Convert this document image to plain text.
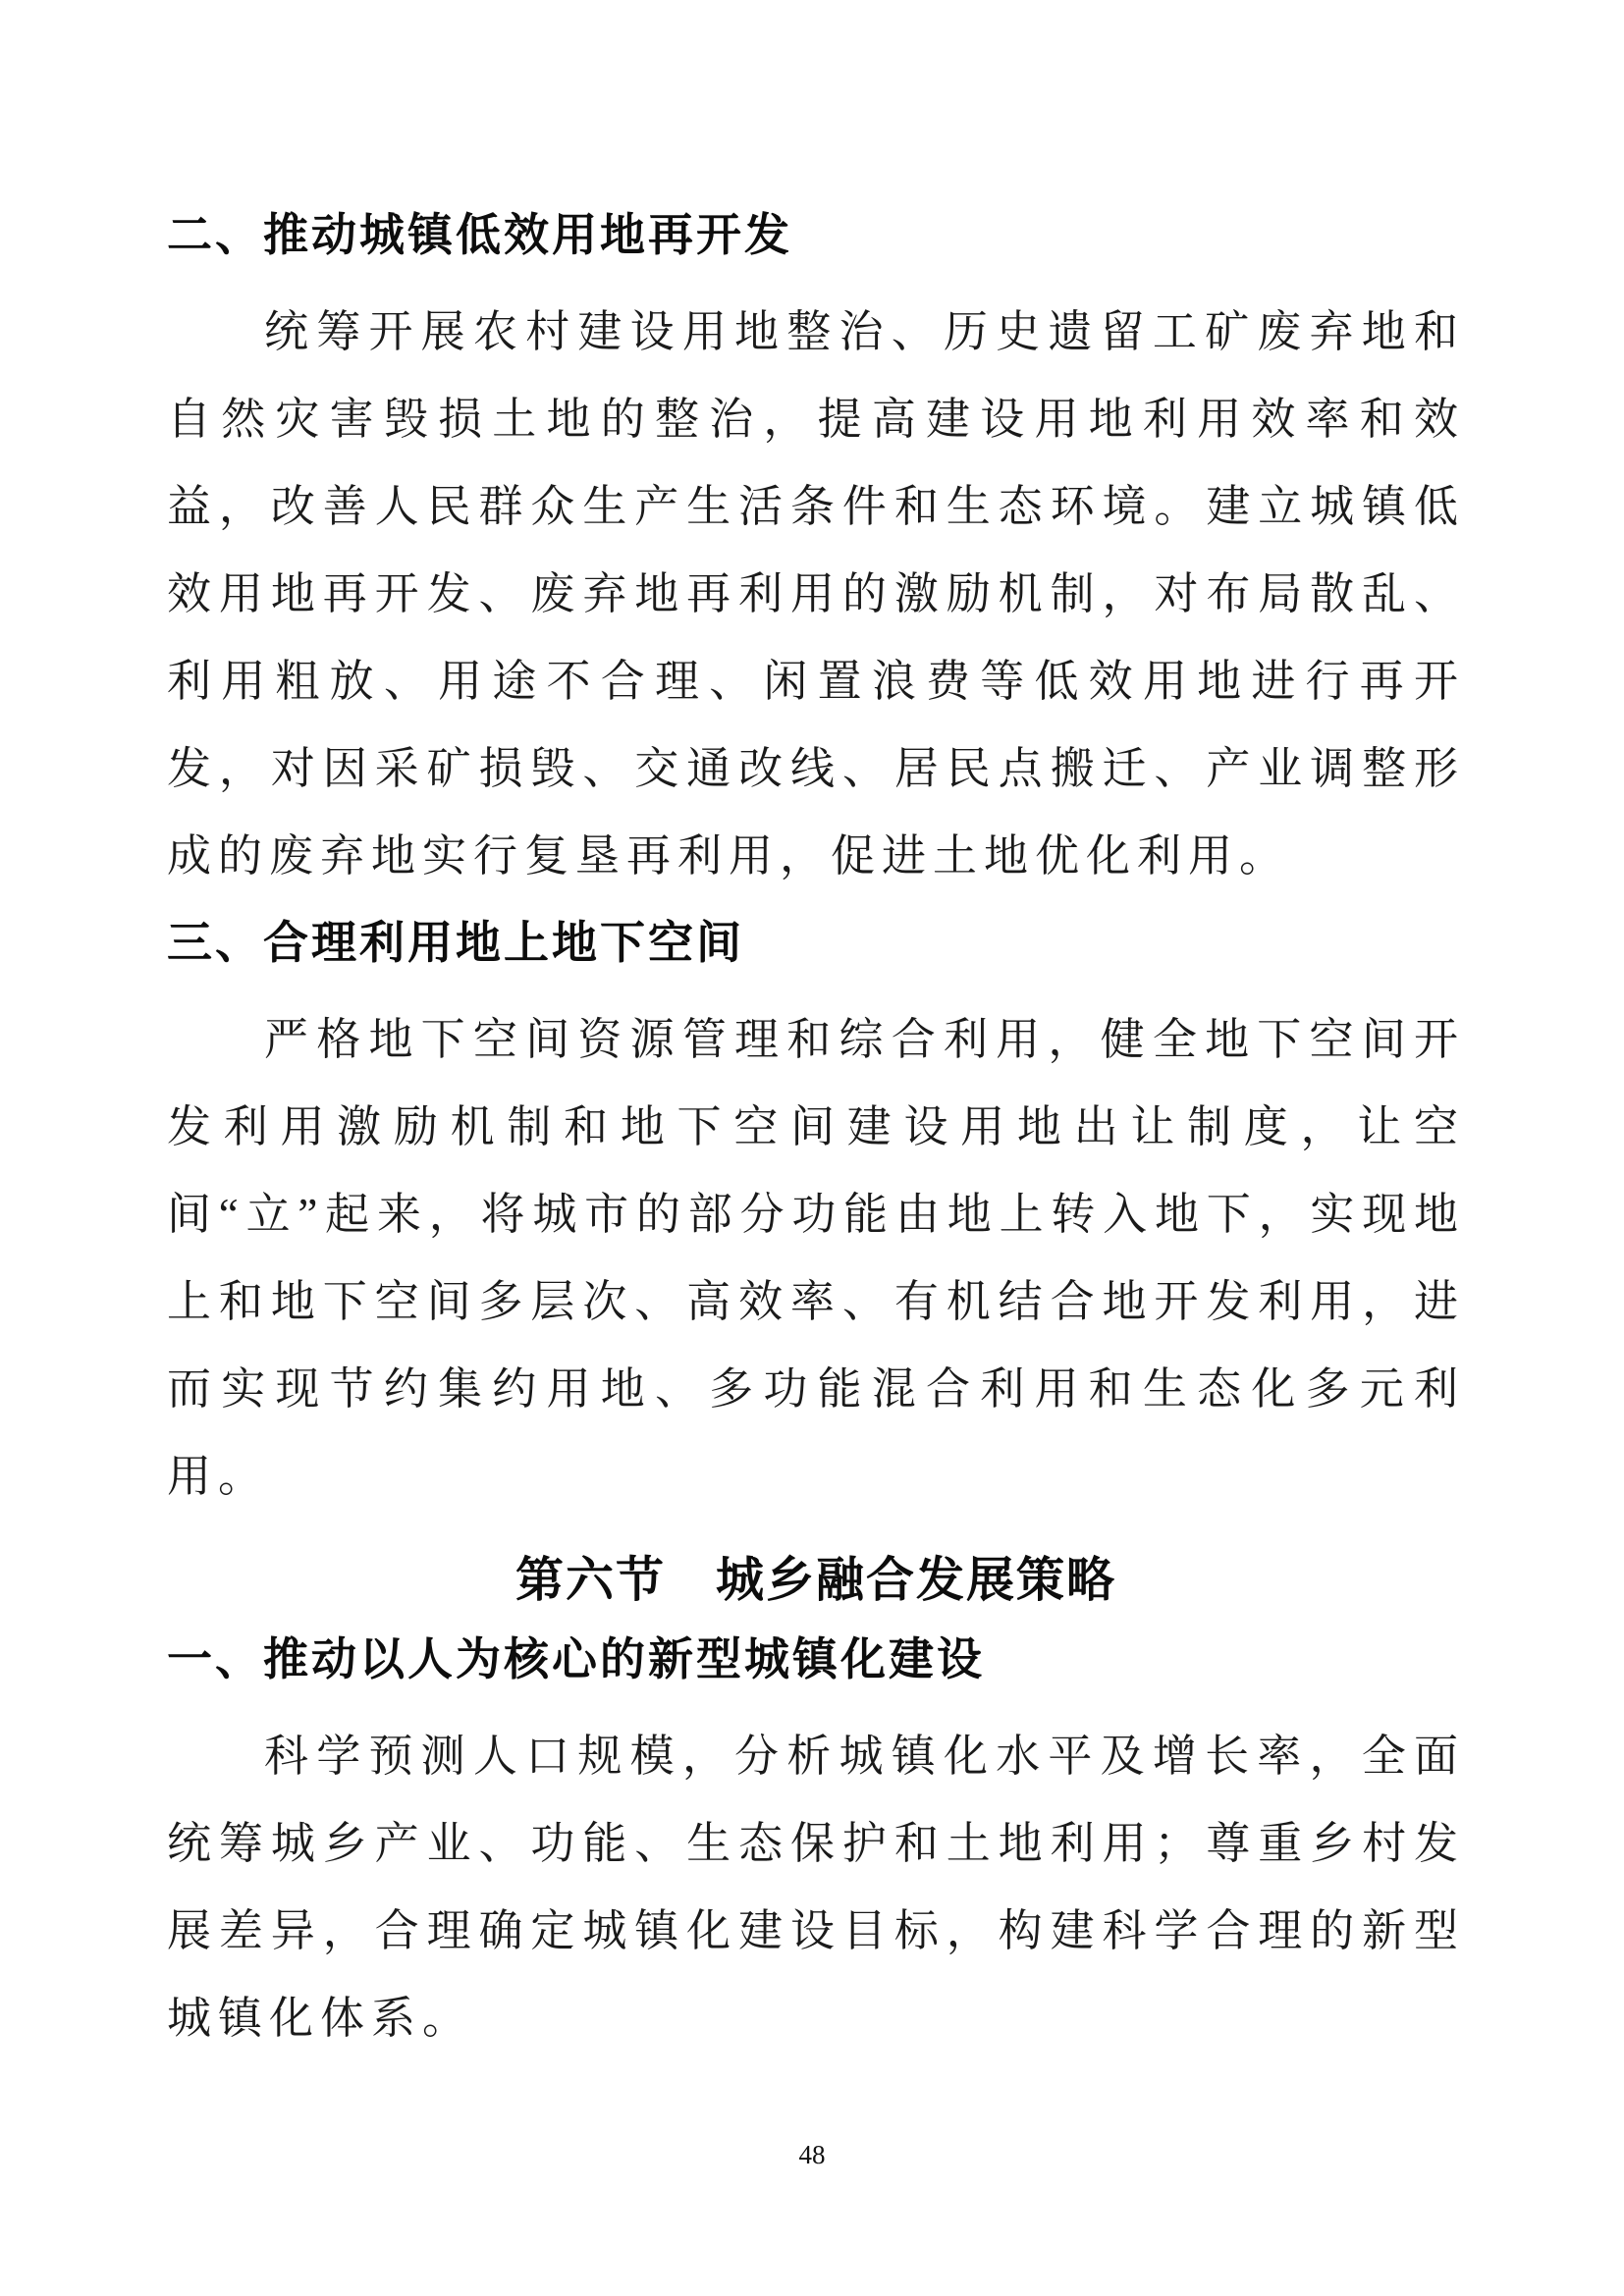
二、推动城镇低效用地再开发

统筹开展农村建设用地整治、历史遗留工矿废弃地和自然灾害毁损土地的整治，提高建设用地利用效率和效益，改善人民群众生产生活条件和生态环境。建立城镇低效用地再开发、废弃地再利用的激励机制，对布局散乱、利用粗放、用途不合理、闲置浪费等低效用地进行再开发，对因采矿损毁、交通改线、居民点搬迁、产业调整形成的废弃地实行复垦再利用，促进土地优化利用。

三、合理利用地上地下空间

严格地下空间资源管理和综合利用，健全地下空间开发利用激励机制和地下空间建设用地出让制度，让空间“立”起来，将城市的部分功能由地上转入地下，实现地上和地下空间多层次、高效率、有机结合地开发利用，进而实现节约集约用地、多功能混合利用和生态化多元利用。

第六节　城乡融合发展策略
一、推动以人为核心的新型城镇化建设

科学预测人口规模，分析城镇化水平及增长率，全面统筹城乡产业、功能、生态保护和土地利用；尊重乡村发展差异，合理确定城镇化建设目标，构建科学合理的新型城镇化体系。

48
